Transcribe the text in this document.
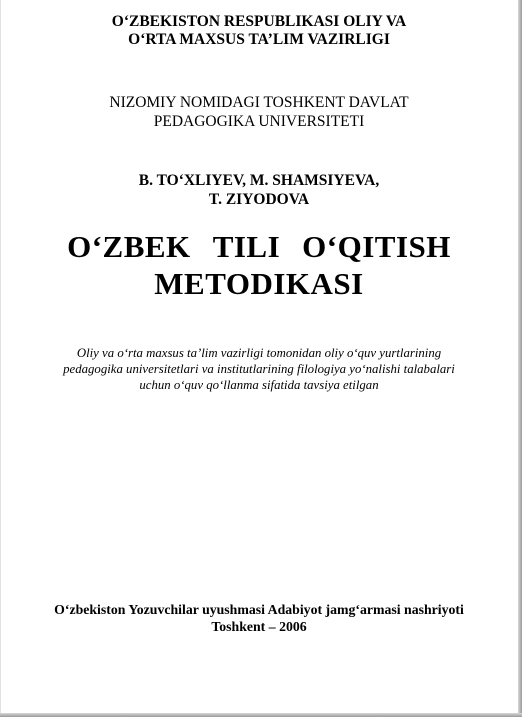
O‘ZBEKISTON RESPUBLIKASI OLIY VA
O‘RTA MAXSUS TA’LIM VAZIRLIGI
NIZOMIY NOMIDAGI TOSHKENT DAVLAT
PEDAGOGIKA UNIVERSITETI
B. TO‘XLIYEV, M. SHAMSIYEVA,
T. ZIYODOVA
O‘ZBEK TILI O‘QITISH
METODIKASI
Oliy va o‘rta maxsus ta’lim vazirligi tomonidan oliy o‘quv yurtlarining
pedagogika universitetlari va institutlarining filologiya yo‘nalishi talabalari
uchun o‘quv qo‘llanma sifatida tavsiya etilgan
O‘zbekiston Yozuvchilar uyushmasi Adabiyot jamg‘armasi nashriyoti
Toshkent – 2006
